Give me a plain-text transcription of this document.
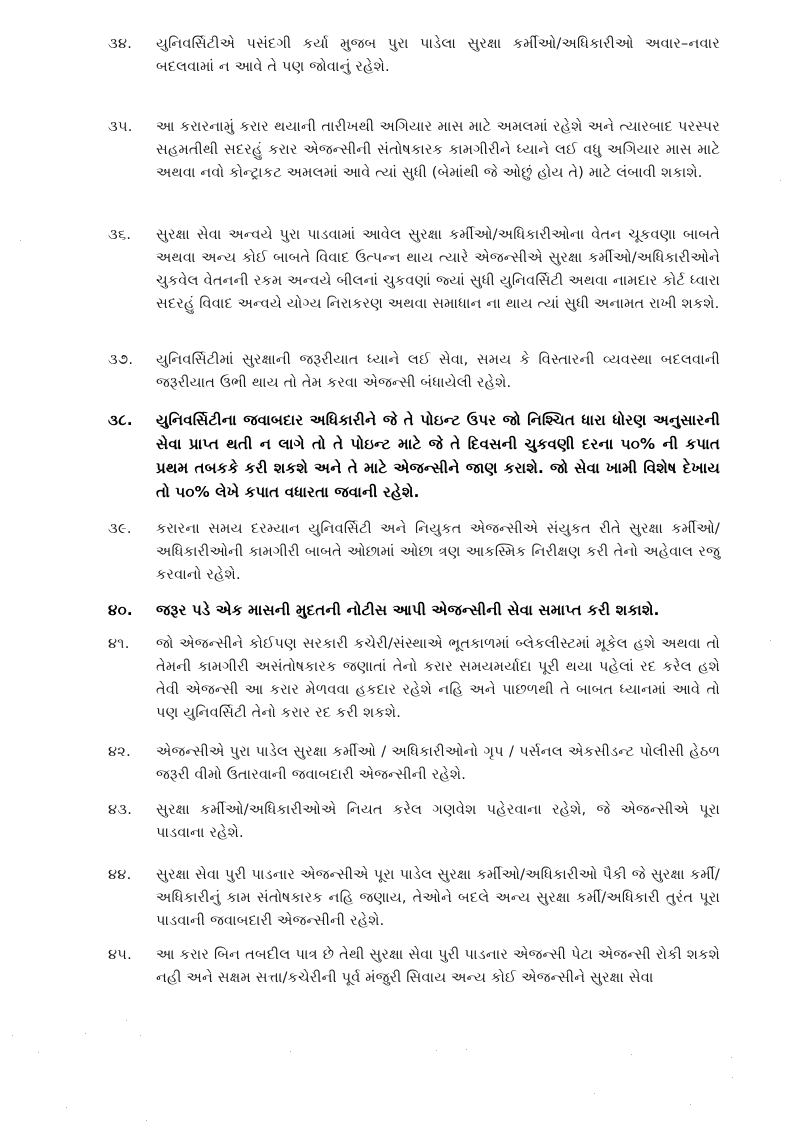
૩૪.	યુનિવર્સિટીએ પસંદગી કર્યા મુજબ પુરા પાડેલા સુરક્ષા કર્મીઓ/અધિકારીઓ અવાર–નવાર બદલવામાં ન આવે તે પણ જોવાનું રહેશે.
૩૫.	આ કરારનામું કરાર થયાની તારીખથી અગિયાર માસ માટે અમલમાં રહેશે અને ત્યારબાદ પરસ્પર સહમતીથી સદરહું કરાર એજન્સીની સંતોષકારક કામગીરીને ધ્યાને લઈ વધુ અગિયાર માસ માટે અથવા નવો કોન્ટ્રાકટ અમલમાં આવે ત્યાં સુધી (બેમાંથી જે ઓછું હોય તે) માટે લંબાવી શકાશે.
૩૬.	સુરક્ષા સેવા અન્વયે પુરા પાડવામાં આવેલ સુરક્ષા કર્મીઓ/અધિકારીઓના વેતન ચૂકવણા બાબતે અથવા અન્ય કોઈ બાબતે વિવાદ ઉત્પન્ન થાય ત્યારે એજન્સીએ સુરક્ષા કર્મીઓ/અધિકારીઓને ચુકવેલ વેતનની રકમ અન્વયે બીલનાં ચુકવણાં જ્યાં સુધી યુનિવર્સિટી અથવા નામદાર કોર્ટ ધ્વારા સદરહું વિવાદ અન્વયે યોગ્ય નિરાકરણ અથવા સમાધાન ના થાય ત્યાં સુધી અનામત રાખી શકશે.
૩૭.	યુનિવર્સિટીમાં સુરક્ષાની જરૂરીયાત ધ્યાને લઈ સેવા, સમય કે વિસ્તારની વ્યવસ્થા બદલવાની જરૂરીયાત ઉભી થાય તો તેમ કરવા એજન્સી બંધાયેલી રહેશે.
૩૮.	યુનિવર્સિટીના જવાબદાર અધિકારીને જે તે પોઇન્ટ ઉપર જો નિશ્ચિત ધારા ધોરણ અનુસારની સેવા પ્રાપ્ત થતી ન લાગે તો તે પોઇન્ટ માટે જે તે દિવસની ચુકવણી દરના ૫૦% ની કપાત પ્રથમ તબકકે કરી શકશે અને તે માટે એજન્સીને જાણ કરાશે. જો સેવા ખામી વિશેષ દેખાય તો ૫૦% લેખે કપાત વધારતા જવાની રહેશે.
૩૯.	કરારના સમય દરમ્યાન યુનિવર્સિટી અને નિયુકત એજન્સીએ સંયુકત રીતે સુરક્ષા કર્મીઓ/અધિકારીઓની કામગીરી બાબતે ઓછામાં ઓછા ત્રણ આકસ્મિક નિરીક્ષણ કરી તેનો અહેવાલ રજુ કરવાનો રહેશે.
૪૦.	જરૂર પડે એક માસની મુદતની નોટીસ આપી એજન્સીની સેવા સમાપ્ત કરી શકાશે.
૪૧.	જો એજન્સીને કોઈપણ સરકારી કચેરી/સંસ્થાએ ભૂતકાળમાં બ્લેકલીસ્ટમાં મૂકેલ હશે અથવા તો તેમની કામગીરી અસંતોષકારક જણાતાં તેનો કરાર સમયમર્યાદા પૂરી થયા પહેલાં રદ કરેલ હશે તેવી એજન્સી આ કરાર મેળવવા હકદાર રહેશે નહિ અને પાછળથી તે બાબત ધ્યાનમાં આવે તો પણ યુનિવર્સિટી તેનો કરાર રદ કરી શકશે.
૪૨.	એજન્સીએ પુરા પાડેલ સુરક્ષા કર્મીઓ / અધિકારીઓનો ગૃપ / પર્સનલ એકસીડન્ટ પોલીસી હેઠળ જરૂરી વીમો ઉતારવાની જવાબદારી એજન્સીની રહેશે.
૪૩.	સુરક્ષા કર્મીઓ/અધિકારીઓએ નિયત કરેલ ગણવેશ પહેરવાના રહેશે, જે એજન્સીએ પૂરા પાડવાના રહેશે.
૪૪.	સુરક્ષા સેવા પુરી પાડનાર એજન્સીએ પૂરા પાડેલ સુરક્ષા કર્મીઓ/અધિકારીઓ પૈકી જે સુરક્ષા કર્મી/અધિકારીનું કામ સંતોષકારક નહિ જણાય, તેઓને બદલે અન્ય સુરક્ષા કર્મી/અધિકારી તુરંત પૂરા પાડવાની જવાબદારી એજન્સીની રહેશે.
૪૫.	આ કરાર બિન તબદીલ પાત્ર છે તેથી સુરક્ષા સેવા પુરી પાડનાર એજન્સી પેટા એજન્સી રોકી શકશે નહી અને સક્ષમ સત્તા/કચેરીની પૂર્વ મંજુરી સિવાય અન્ય કોઈ એજન્સીને સુરક્ષા સેવા
